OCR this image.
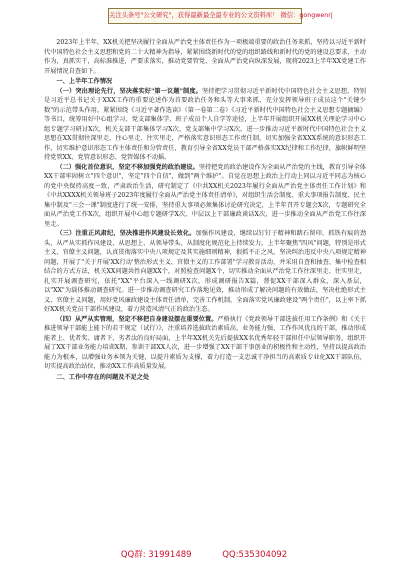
关注头条号"公文研究"，获得最新最全最专业的公文资料库！ 微信：gongwenrj

2023年上半年，XX机关把坚决履行全面从严治党主体责任作为一项极端重要的政治任务来抓，坚持以习近平新时代中国特色社会主义思想和党的二十大精神为指导，紧紧围绕新时代的党的组织路线和新时代的党的建设总要求，主动作为，真抓实干，高标准推进，严要求落实，推动党要管党、全面从严治党向纵深发展，现将2023上半年XX党建工作开展情况自查如下。

一、上半年工作情况

（一）突出理论先行，坚决落实好"第一议题"制度。坚持把学习贯彻习近平新时代中国特色社会主义思想，特别是习近平总书记关于XXX工作的重要论述作为首要政治任务和头等大事来抓，充分发挥领导班子成员这个"关键少数"的示范带头作用，紧紧围绕《习近平著作选读》（第一卷第二卷）《习近平新时代中国特色社会主义思想专题摘编》等书目，统筹用好中心组学习、党支部集体学、班子成员个人自学等途径，上半年开展组织开展XX机关理论学习中心组专题学习研讨X次，机关支部干部集体学习X次，党支部集中学习X次。进一步推动习近平新时代中国特色社会主义思想在XX贯彻往深里走、往心里走、往实里走，严格落实意识形态工作责任制，切实加强全省XXX系统的意识形态工作，切实维护意识形态工作主体责任和分管责任，教育引导全省XX党员干部严格落实XX纪律和工作纪律，旗帜鲜明坚持党管XX、党管意识形态、党管媒体不动摇。

（二）强化首位意识，坚定不移加强党的政治建设。坚持把党的政治建设作为全面从严治党的主线，教育引导全体XX干部牢固树立"四个意识"，坚定"四个自信"，做到"两个维护"。自觉在思想上政治上行动上同以习近平同志为核心的党中央保持高度一致，严肃政治生活，研究制定了《中共XX机关2023年履行全面从严治党主体责任工作计划》和《中共XXXX机关领导班子2023年度履行全面从严治党主体责任清单》，对组织生活会制度、重大事项报告制度、民主集中制及"三会一课"制度进行了统一安排，坚持重大事项必须集体讨论研究决定，上半年召开专题会X次，专题研究全面从严治党工作X次，组织开展中心组专题研学X次、中层以上干部廉政谈话X次，进一步推动全面从严治党工作往深里走。

（三）注重正风肃纪，坚决推进作风建设长效化。加强作风建设，继续以钉钉子精神和踏石留印、抓铁有痕的劲头，从严从实抓作风建设，从思想上、从领导带头、从制度化规范化上持续发力，上半年聚焦"四风"问题，特别是形式主义、官僚主义问题，认真贯彻落实中央八项规定及其实施细则精神，狠抓不正之风，坚决纠治违反中央八项规定精神问题，开展了"关于开展'XX行动'整治形式主义、官僚主义的工作部署"学习教育活动，并采用自查和抽查、集中检查相结合的方式方法，机关XX问题共性向题XX个，对照检查问题X个，切实推动全面从严治党工作往深里走、往实里走，扎实开展调查研究，依托"XX"平台深入一线调研X次，形成调研报告X篇，督促XX干部深入群众，深入基层，以"XX"为载体推动调查研究。进一步推动调查研究工作落地见效，推动形成了解决问题的有效做法，坚决杜绝形式主义、官僚主义问题，用好党风廉政建设主体责任清单，完善工作机制，全面落实党风廉政建设"两个责任"，以上率下抓好XX机关党员干部作风建设，着力营造风清气正的政治生态。

（四）从严从实管理，坚定不移把自身建设摆在重要位置。严格执行《党政领导干部选拔任用工作条例》和《关于推进领导干部能上能下的若干规定（试行）》，注重培养选拔政治素质高、业务能力强、工作作风优良的干部，推动形成能者上、优者奖、庸者下、劣者汰的良好局面，上半年XX机关先后提拔XX名优秀年轻干部担任中层领导职务，组织开展了XX干部业务能力培训X期，参训干部XX人次，进一步增强了XX干部干事创业的积极性和主动性，坚持以提高政治能力为根本，以增强业务本领为关键，以提升素质为支撑，着力打造一支忠诚干净担当的高素质专业化XX干部队伍，切实提高政治站位，推动XX工作高质量发展。

二、工作中存在的问题及不足之处

QQ群: 31991489	QQ:535304092
